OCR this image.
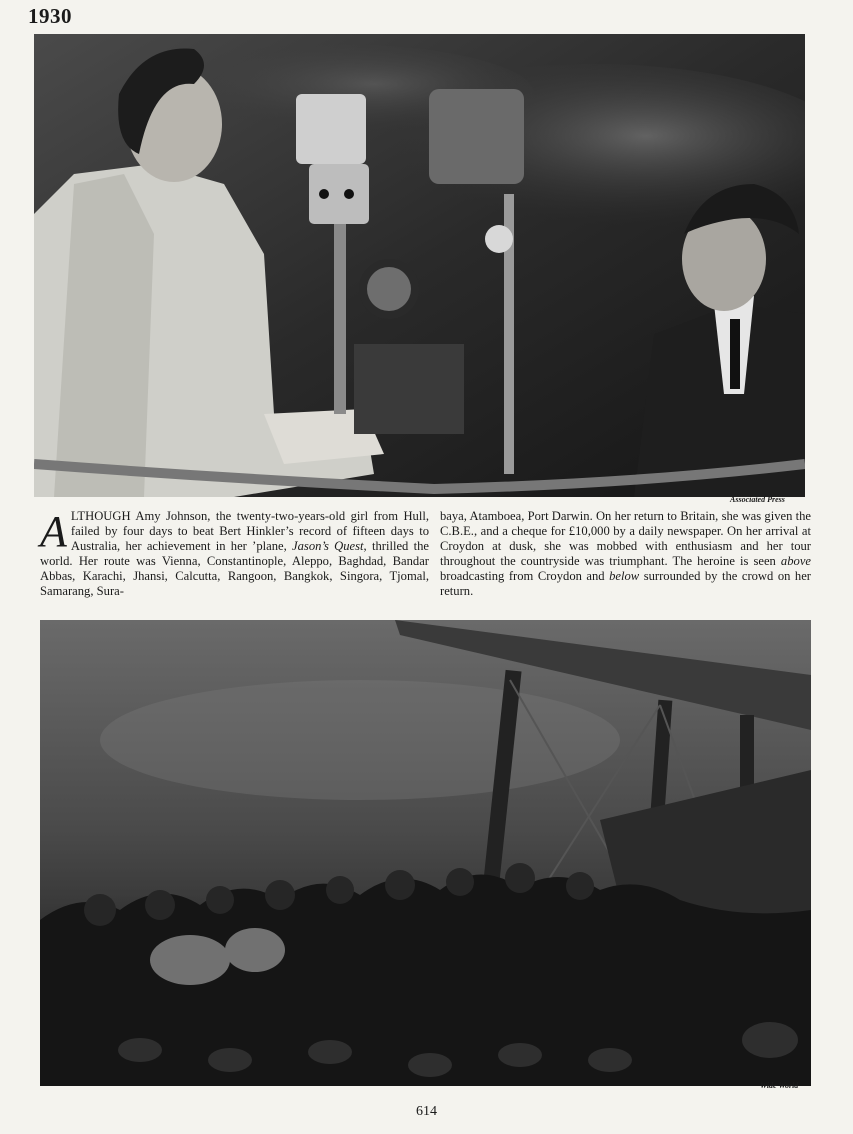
1930
Associated Press

ALTHOUGH Amy Johnson, the twenty-two-years-old girl from Hull, failed by four days to beat Bert Hinkler’s record of fifteen days to Australia, her achievement in her ’plane, Jason’s Quest, thrilled the world. Her route was Vienna, Constantinople, Aleppo, Baghdad, Bandar Abbas, Karachi, Jhansi, Calcutta, Rangoon, Bangkok, Singora, Tjomal, Samarang, Sura-

baya, Atamboea, Port Darwin. On her return to Britain, she was given the C.B.E., and a cheque for £10,000 by a daily newspaper. On her arrival at Croydon at dusk, she was mobbed with enthusiasm and her tour throughout the countryside was triumphant. The heroine is seen above broadcasting from Croydon and below surrounded by the crowd on her return.

Wide World
614
